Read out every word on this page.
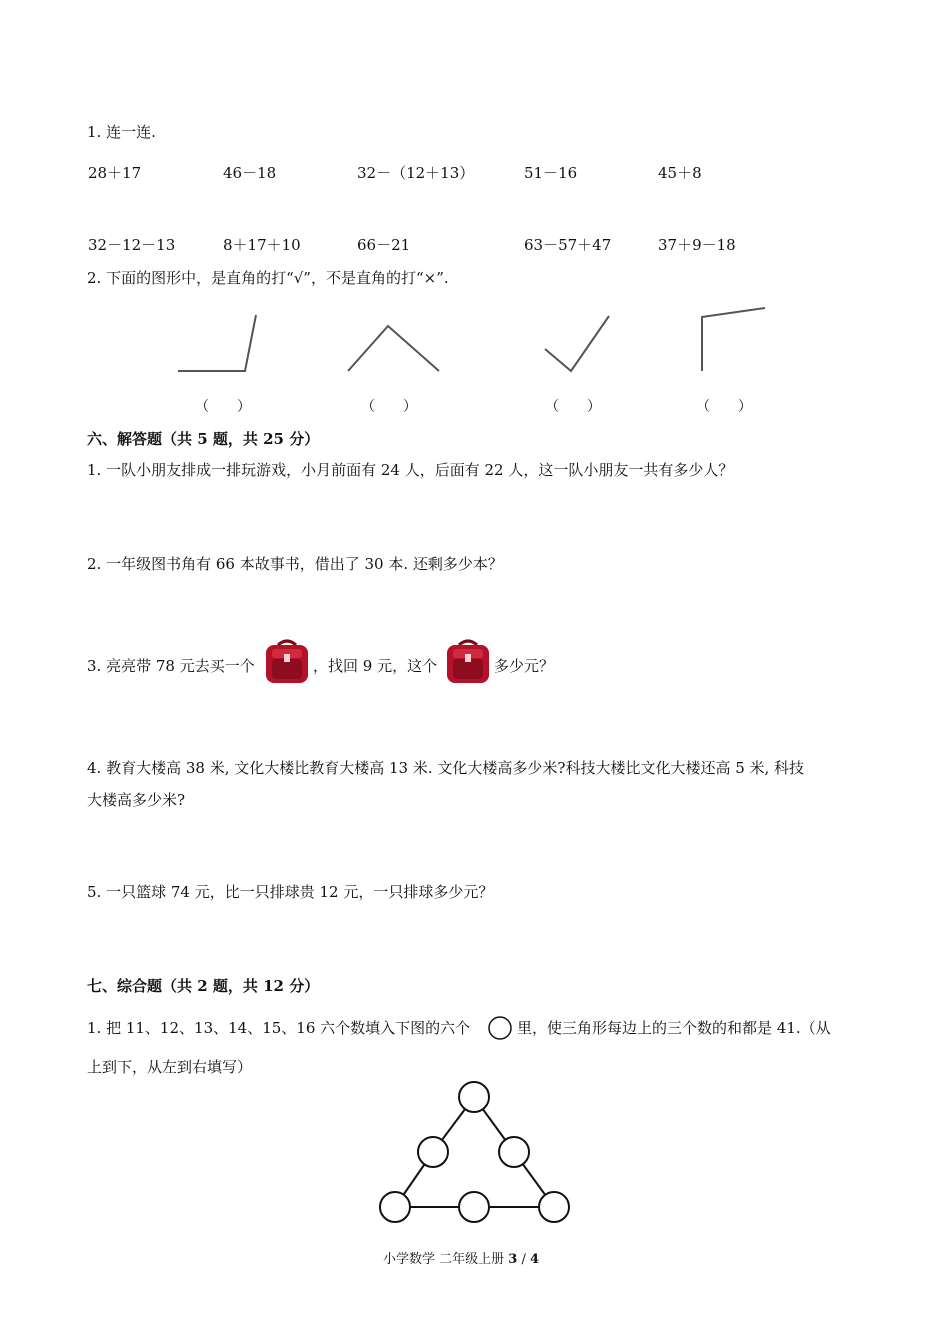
1. 连一连.
28＋17	46－18	32－（12＋13）	51－16	45＋8
32－12－13	8＋17＋10	66－21	63－57＋47	37＋9－18
2. 下面的图形中，是直角的打“√”，不是直角的打“×”.
（　　）	（　　）	（　　）	（　　）
六、解答题（共 5 题，共 25 分）
1. 一队小朋友排成一排玩游戏，小月前面有 24 人，后面有 22 人，这一队小朋友一共有多少人？
2. 一年级图书角有 66 本故事书，借出了 30 本. 还剩多少本？
3. 亮亮带 78 元去买一个	，找回 9 元，这个	多少元？
4. 教育大楼高 38 米, 文化大楼比教育大楼高 13 米. 文化大楼高多少米?科技大楼比文化大楼还高 5 米, 科技
大楼高多少米?
5. 一只篮球 74 元，比一只排球贵 12 元，一只排球多少元？
七、综合题（共 2 题，共 12 分）
1. 把 11、12、13、14、15、16 六个数填入下图的六个	里，使三角形每边上的三个数的和都是 41.（从
上到下，从左到右填写）
小学数学 二年级上册 3 / 4
